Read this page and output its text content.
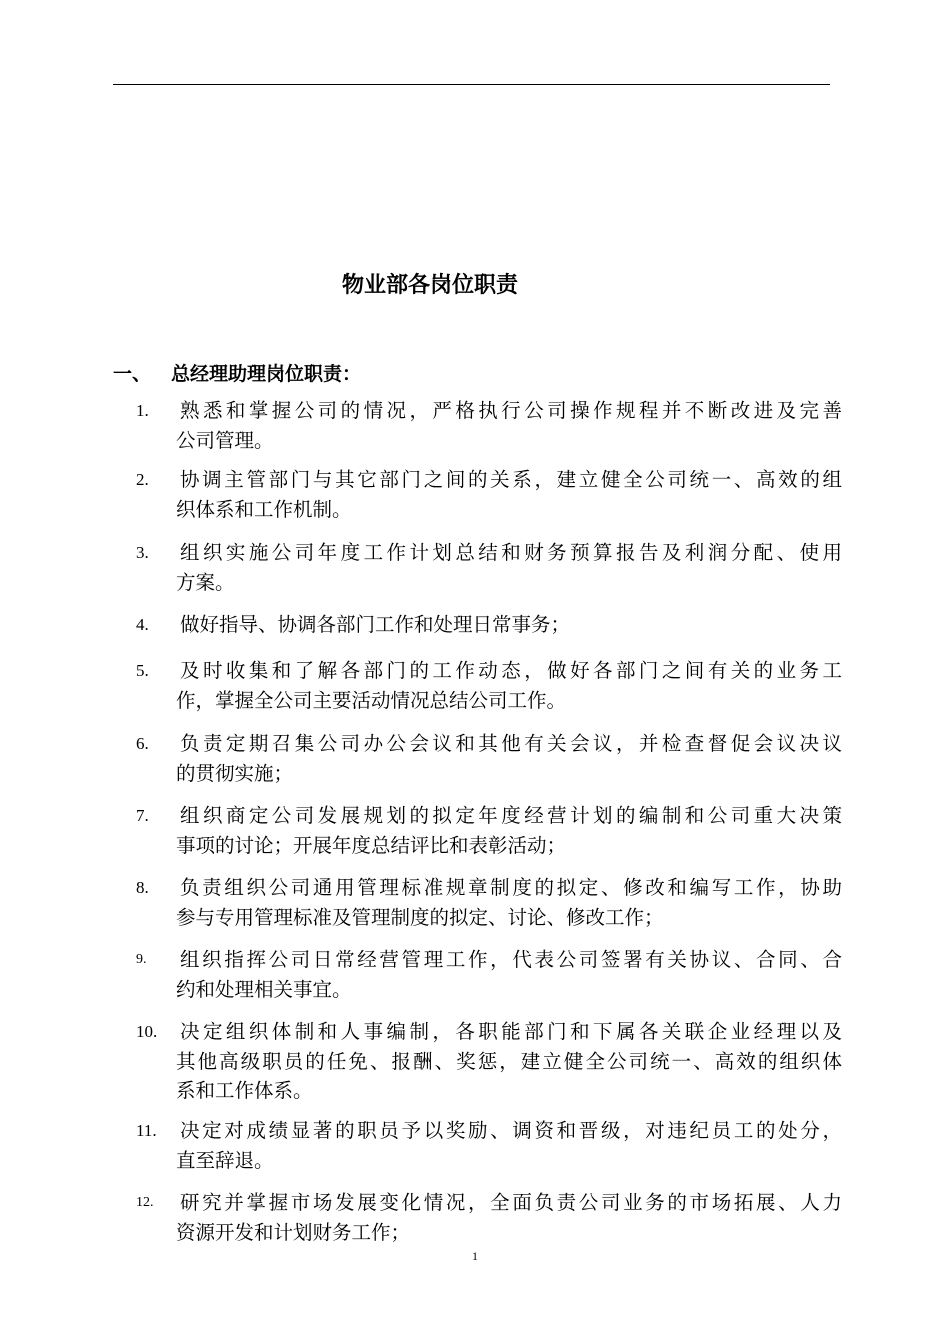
物业部各岗位职责
一、 总经理助理岗位职责：
1.	熟悉和掌握公司的情况，严格执行公司操作规程并不断改进及完善
公司管理。

2.	协调主管部门与其它部门之间的关系，建立健全公司统一、高效的组
织体系和工作机制。

3.	组织实施公司年度工作计划总结和财务预算报告及利润分配、使用
方案。

4.	做好指导、协调各部门工作和处理日常事务；

5.	及时收集和了解各部门的工作动态，做好各部门之间有关的业务工
作，掌握全公司主要活动情况总结公司工作。

6.	负责定期召集公司办公会议和其他有关会议，并检查督促会议决议
的贯彻实施；

7.	组织商定公司发展规划的拟定年度经营计划的编制和公司重大决策
事项的讨论；开展年度总结评比和表彰活动；

8.	负责组织公司通用管理标准规章制度的拟定、修改和编写工作，协助
参与专用管理标准及管理制度的拟定、讨论、修改工作；

9.	组织指挥公司日常经营管理工作，代表公司签署有关协议、合同、合
约和处理相关事宜。

10.	决定组织体制和人事编制，各职能部门和下属各关联企业经理以及
其他高级职员的任免、报酬、奖惩，建立健全公司统一、高效的组织体
系和工作体系。

11.	决定对成绩显著的职员予以奖励、调资和晋级，对违纪员工的处分，
直至辞退。

12.	研究并掌握市场发展变化情况，全面负责公司业务的市场拓展、人力
资源开发和计划财务工作；

1
